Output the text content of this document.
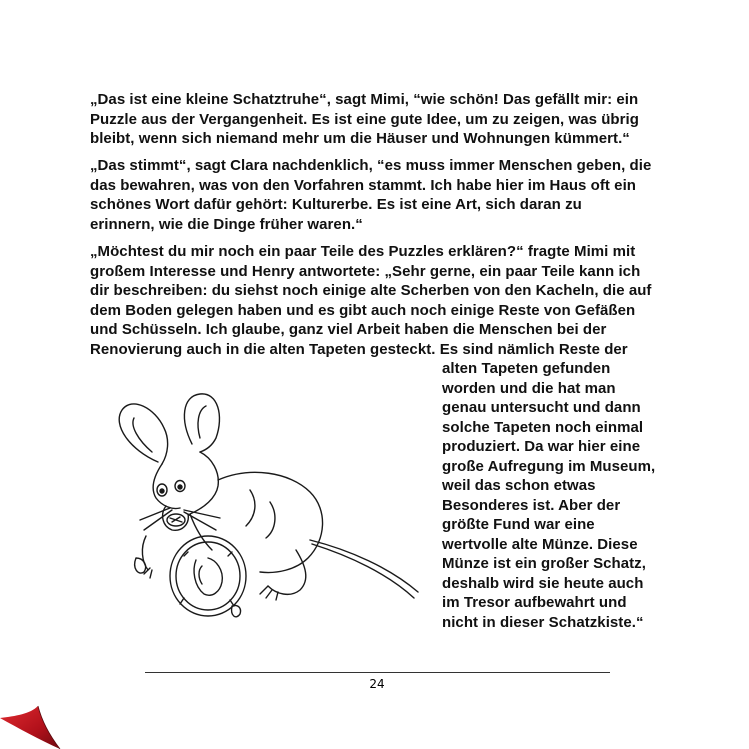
„Das ist eine kleine Schatztruhe“, sagt Mimi, “wie schön! Das gefällt mir: ein
Puzzle aus der Vergangenheit. Es ist eine gute Idee, um zu zeigen, was übrig
bleibt, wenn sich niemand mehr um die Häuser und Wohnungen kümmert.“

„Das stimmt“, sagt Clara nachdenklich, “es muss immer Menschen geben, die
das bewahren, was von den Vorfahren stammt. Ich habe hier im Haus oft ein
schönes Wort dafür gehört: Kulturerbe. Es ist eine Art, sich daran zu
erinnern, wie die Dinge früher waren.“

„Möchtest du mir noch ein paar Teile des Puzzles erklären?“ fragte Mimi mit
großem Interesse und Henry antwortete: „Sehr gerne, ein paar Teile kann ich
dir beschreiben: du siehst noch einige alte Scherben von den Kacheln, die auf
dem Boden gelegen haben und es gibt auch noch einige Reste von Gefäßen
und Schüsseln. Ich glaube, ganz viel Arbeit haben die Menschen bei der
Renovierung auch in die alten Tapeten gesteckt. Es sind nämlich Reste der

alten Tapeten gefunden
worden und die hat man
genau untersucht und dann
solche Tapeten noch einmal
produziert. Da war hier eine
große Aufregung im Museum,
weil das schon etwas
Besonderes ist. Aber der
größte Fund war eine
wertvolle alte Münze. Diese
Münze ist ein großer Schatz,
deshalb wird sie heute auch
im Tresor aufbewahrt und
nicht in dieser Schatzkiste.“

24
